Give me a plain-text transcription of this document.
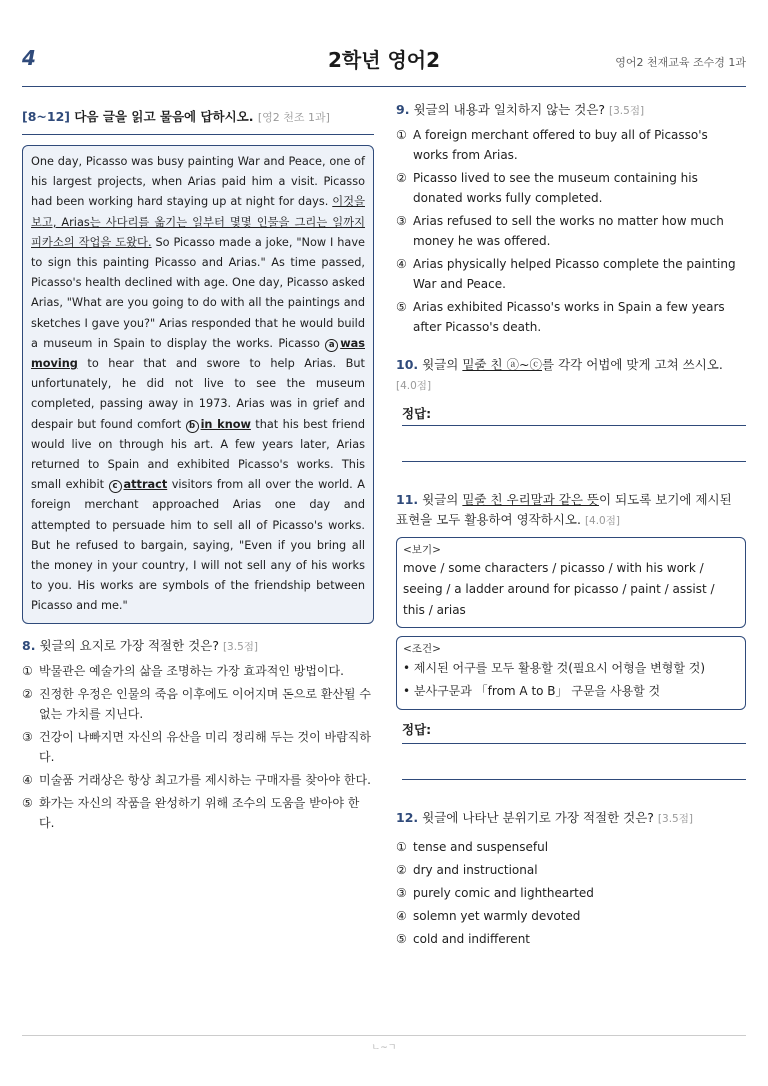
4	2학년 영어2	영어2 천재교육 조수경 1과
[8~12] 다음 글을 읽고 물음에 답하시오. [영2 천조 1과]
One day, Picasso was busy painting War and Peace, one of his largest projects, when Arias paid him a visit. Picasso had been working hard staying up at night for days. 이것을 보고, Arias는 사다리를 옮기는 일부터 몇몇 인물을 그리는 일까지 피카소의 작업을 도왔다. So Picasso made a joke, "Now I have to sign this painting Picasso and Arias." As time passed, Picasso's health declined with age. One day, Picasso asked Arias, "What are you going to do with all the paintings and sketches I gave you?" Arias responded that he would build a museum in Spain to display the works. Picasso a was moving to hear that and swore to help Arias. But unfortunately, he did not live to see the museum completed, passing away in 1973. Arias was in grief and despair but found comfort b in know that his best friend would live on through his art. A few years later, Arias returned to Spain and exhibited Picasso's works. This small exhibit c attract visitors from all over the world. A foreign merchant approached Arias one day and attempted to persuade him to sell all of Picasso's works. But he refused to bargain, saying, "Even if you bring all the money in your country, I will not sell any of his works to you. His works are symbols of the friendship between Picasso and me."
8. 윗글의 요지로 가장 적절한 것은? [3.5점]
① 박물관은 예술가의 삶을 조명하는 가장 효과적인 방법이다.
② 진정한 우정은 인물의 죽음 이후에도 이어지며 돈으로 환산될 수 없는 가치를 지닌다.
③ 건강이 나빠지면 자신의 유산을 미리 정리해 두는 것이 바람직하다.
④ 미술품 거래상은 항상 최고가를 제시하는 구매자를 찾아야 한다.
⑤ 화가는 자신의 작품을 완성하기 위해 조수의 도움을 받아야 한다.
9. 윗글의 내용과 일치하지 않는 것은? [3.5점]
① A foreign merchant offered to buy all of Picasso's works from Arias.
② Picasso lived to see the museum containing his donated works fully completed.
③ Arias refused to sell the works no matter how much money he was offered.
④ Arias physically helped Picasso complete the painting War and Peace.
⑤ Arias exhibited Picasso's works in Spain a few years after Picasso's death.
10. 윗글의 밑줄 친 ⓐ~ⓒ를 각각 어법에 맞게 고쳐 쓰시오. [4.0점]
정답:
11. 윗글의 밑줄 친 우리말과 같은 뜻이 되도록 보기에 제시된 표현을 모두 활용하여 영작하시오. [4.0점]
<보기>
move / some characters / picasso / with his work / seeing / a ladder around for picasso / paint / assist / this / arias
<조건>
• 제시된 어구를 모두 활용할 것(필요시 어형을 변형할 것)
• 분사구문과 「from A to B」 구문을 사용할 것
정답:
12. 윗글에 나타난 분위기로 가장 적절한 것은? [3.5점]
① tense and suspenseful
② dry and instructional
③ purely comic and lighthearted
④ solemn yet warmly devoted
⑤ cold and indifferent
ㄴ~ㄱ
